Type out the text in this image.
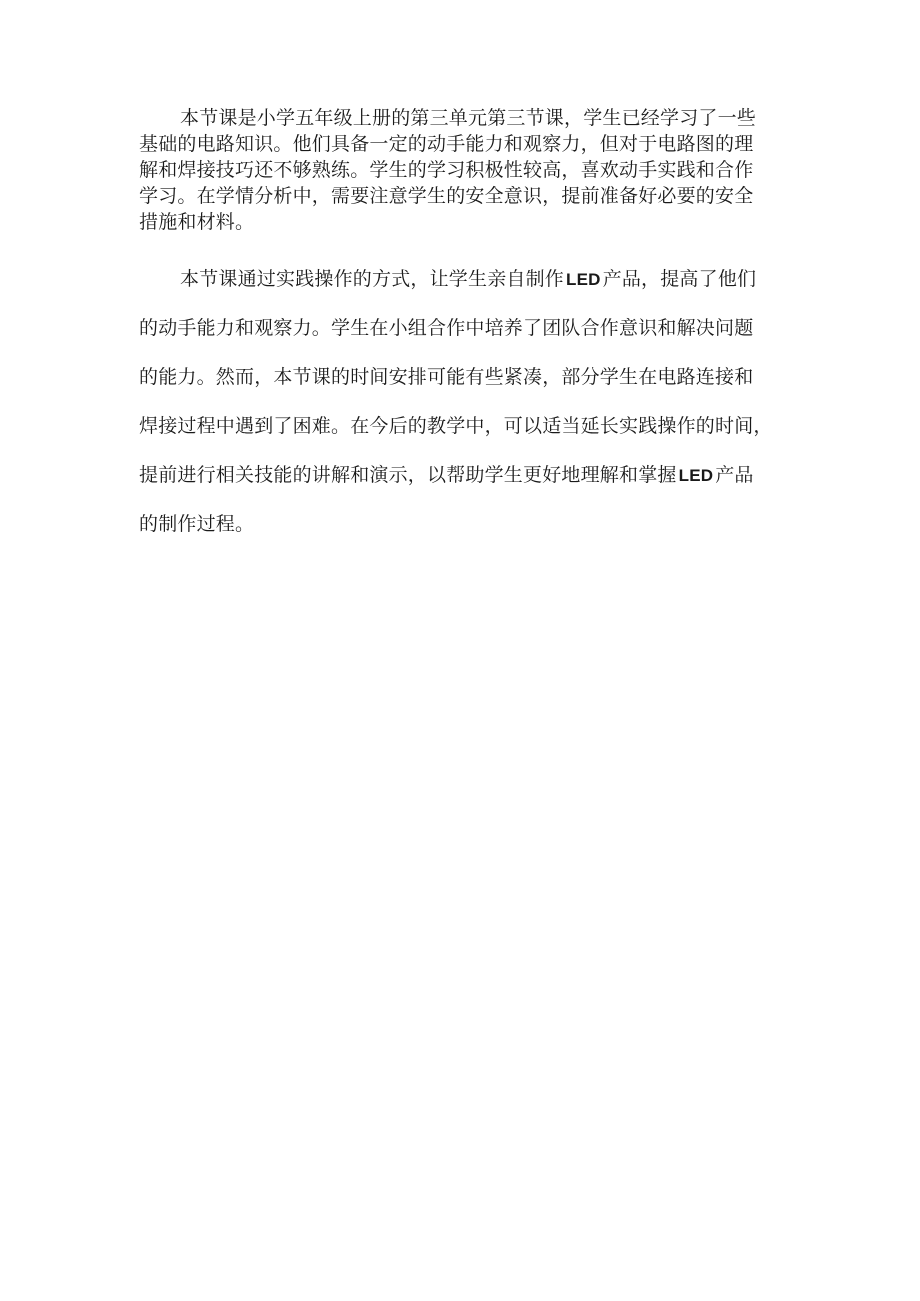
本节课是小学五年级上册的第三单元第三节课，学生已经学习了一些
基础的电路知识。他们具备一定的动手能力和观察力，但对于电路图的理
解和焊接技巧还不够熟练。学生的学习积极性较高，喜欢动手实践和合作
学习。在学情分析中，需要注意学生的安全意识，提前准备好必要的安全
措施和材料。

本节课通过实践操作的方式，让学生亲自制作 LED 产品，提高了他们
的动手能力和观察力。学生在小组合作中培养了团队合作意识和解决问题
的能力。然而，本节课的时间安排可能有些紧凑，部分学生在电路连接和
焊接过程中遇到了困难。在今后的教学中，可以适当延长实践操作的时间，
提前进行相关技能的讲解和演示，以帮助学生更好地理解和掌握 LED 产品
的制作过程。
